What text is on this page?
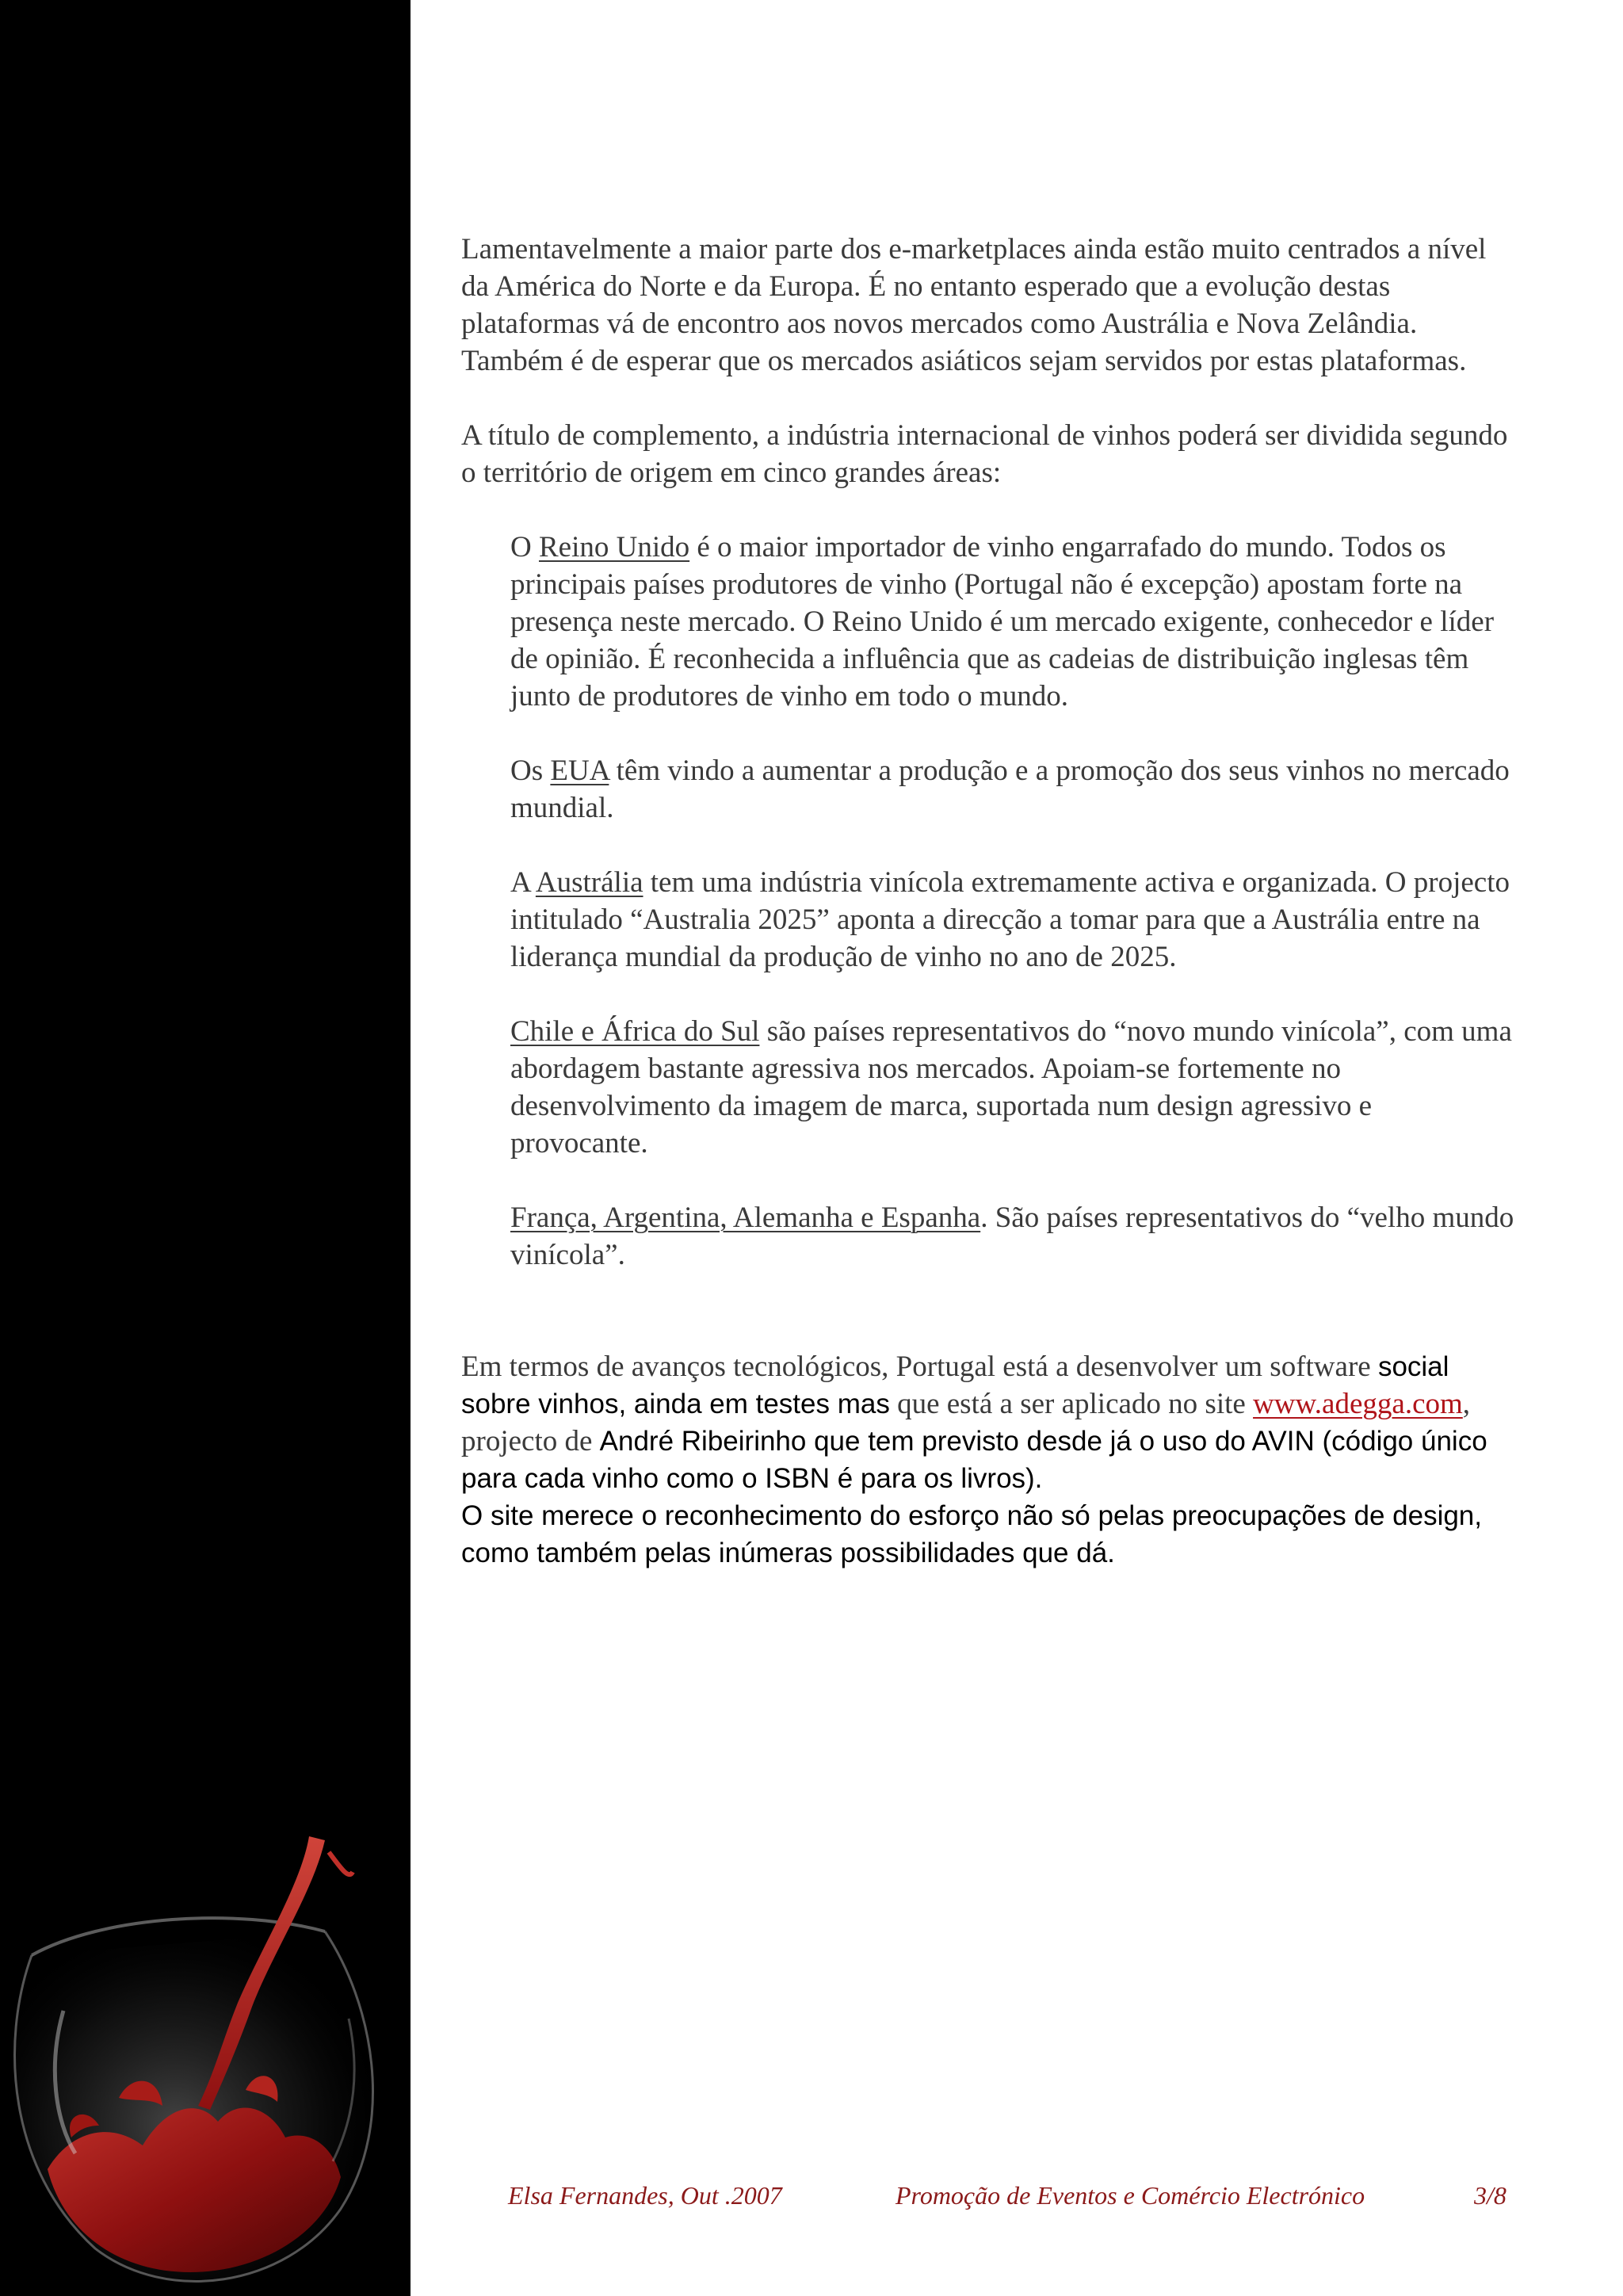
Lamentavelmente a maior parte dos e-marketplaces ainda estão muito centrados a nível da América do Norte e da Europa. É no entanto esperado que a evolução destas plataformas vá de encontro aos novos mercados como Austrália e Nova Zelândia. Também é de esperar que os mercados asiáticos sejam servidos por estas plataformas.

A título de complemento, a indústria internacional de vinhos poderá ser dividida segundo o território de origem em cinco grandes áreas:

O Reino Unido é o maior importador de vinho engarrafado do mundo. Todos os principais países produtores de vinho (Portugal não é excepção) apostam forte na presença neste mercado. O Reino Unido é um mercado exigente, conhecedor e líder de opinião. É reconhecida a influência que as cadeias de distribuição inglesas têm junto de produtores de vinho em todo o mundo.

Os EUA têm vindo a aumentar a produção e a promoção dos seus vinhos no mercado mundial.

A Austrália tem uma indústria vinícola extremamente activa e organizada. O projecto intitulado “Australia 2025” aponta a direcção a tomar para que a Austrália entre na liderança mundial da produção de vinho no ano de 2025.

Chile e África do Sul são países representativos do “novo mundo vinícola”, com uma abordagem bastante agressiva nos mercados. Apoiam-se fortemente no desenvolvimento da imagem de marca, suportada num design agressivo e provocante.

França, Argentina, Alemanha e Espanha. São países representativos do “velho mundo vinícola”.

Em termos de avanços tecnológicos, Portugal está a desenvolver um software social sobre vinhos, ainda em testes mas que está a ser aplicado no site www.adegga.com, projecto de André Ribeirinho que tem previsto desde já o uso do AVIN (código único para cada vinho como o ISBN é para os livros).
O site merece o reconhecimento do esforço não só pelas preocupações de design, como também pelas inúmeras possibilidades que dá.

Elsa Fernandes, Out .2007	Promoção de Eventos e Comércio Electrónico	3/8
